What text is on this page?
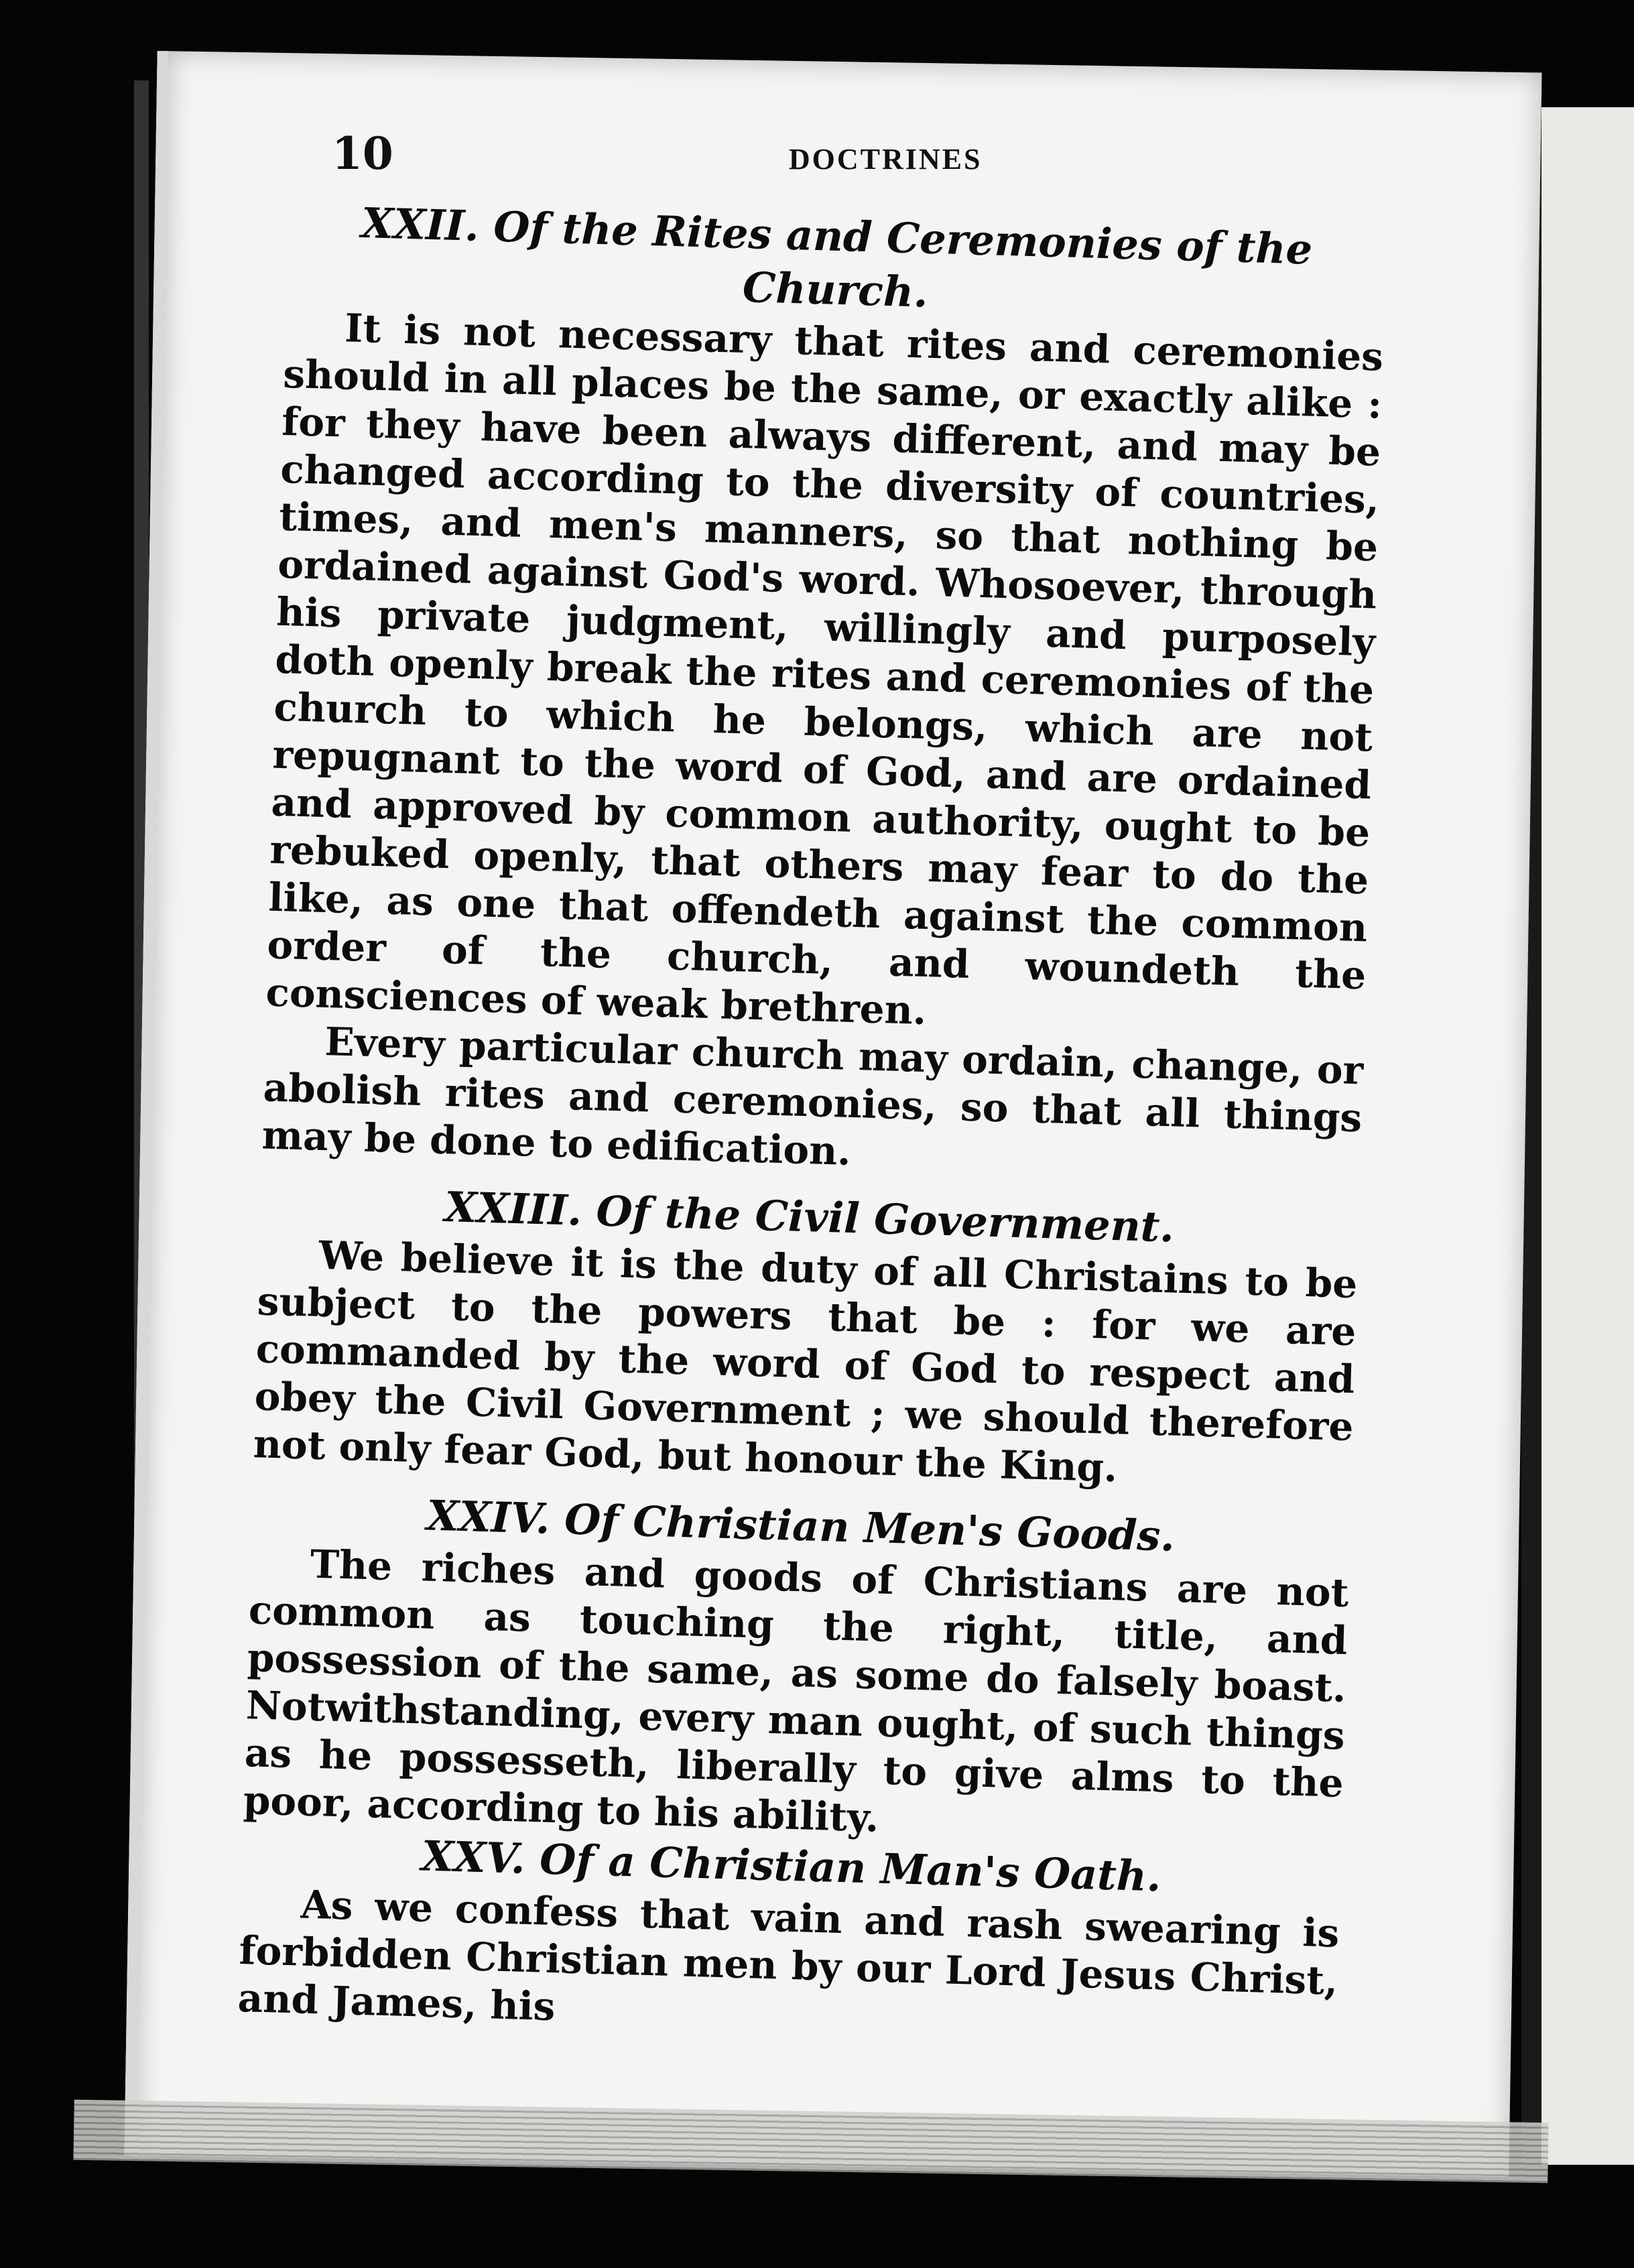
10	DOCTRINES

XXII. Of the Rites and Ceremonies of the Church.

It is not necessary that rites and ceremonies should in all places be the same, or exactly alike : for they have been always different, and may be changed according to the diversity of countries, times, and men's manners, so that nothing be ordained against God's word. Whosoever, through his private judgment, willingly and purposely doth openly break the rites and ceremonies of the church to which he belongs, which are not repugnant to the word of God, and are ordained and approved by common authority, ought to be rebuked openly, that others may fear to do the like, as one that offendeth against the common order of the church, and woundeth the consciences of weak brethren.

Every particular church may ordain, change, or abolish rites and ceremonies, so that all things may be done to edification.

XXIII. Of the Civil Government.

We believe it is the duty of all Christains to be subject to the powers that be : for we are commanded by the word of God to respect and obey the Civil Government ; we should therefore not only fear God, but honour the King.

XXIV. Of Christian Men's Goods.

The riches and goods of Christians are not common as touching the right, title, and possession of the same, as some do falsely boast. Notwithstanding, every man ought, of such things as he possesseth, liberally to give alms to the poor, according to his ability.

XXV. Of a Christian Man's Oath.

As we confess that vain and rash swearing is forbidden Christian men by our Lord Jesus Christ, and James, his
